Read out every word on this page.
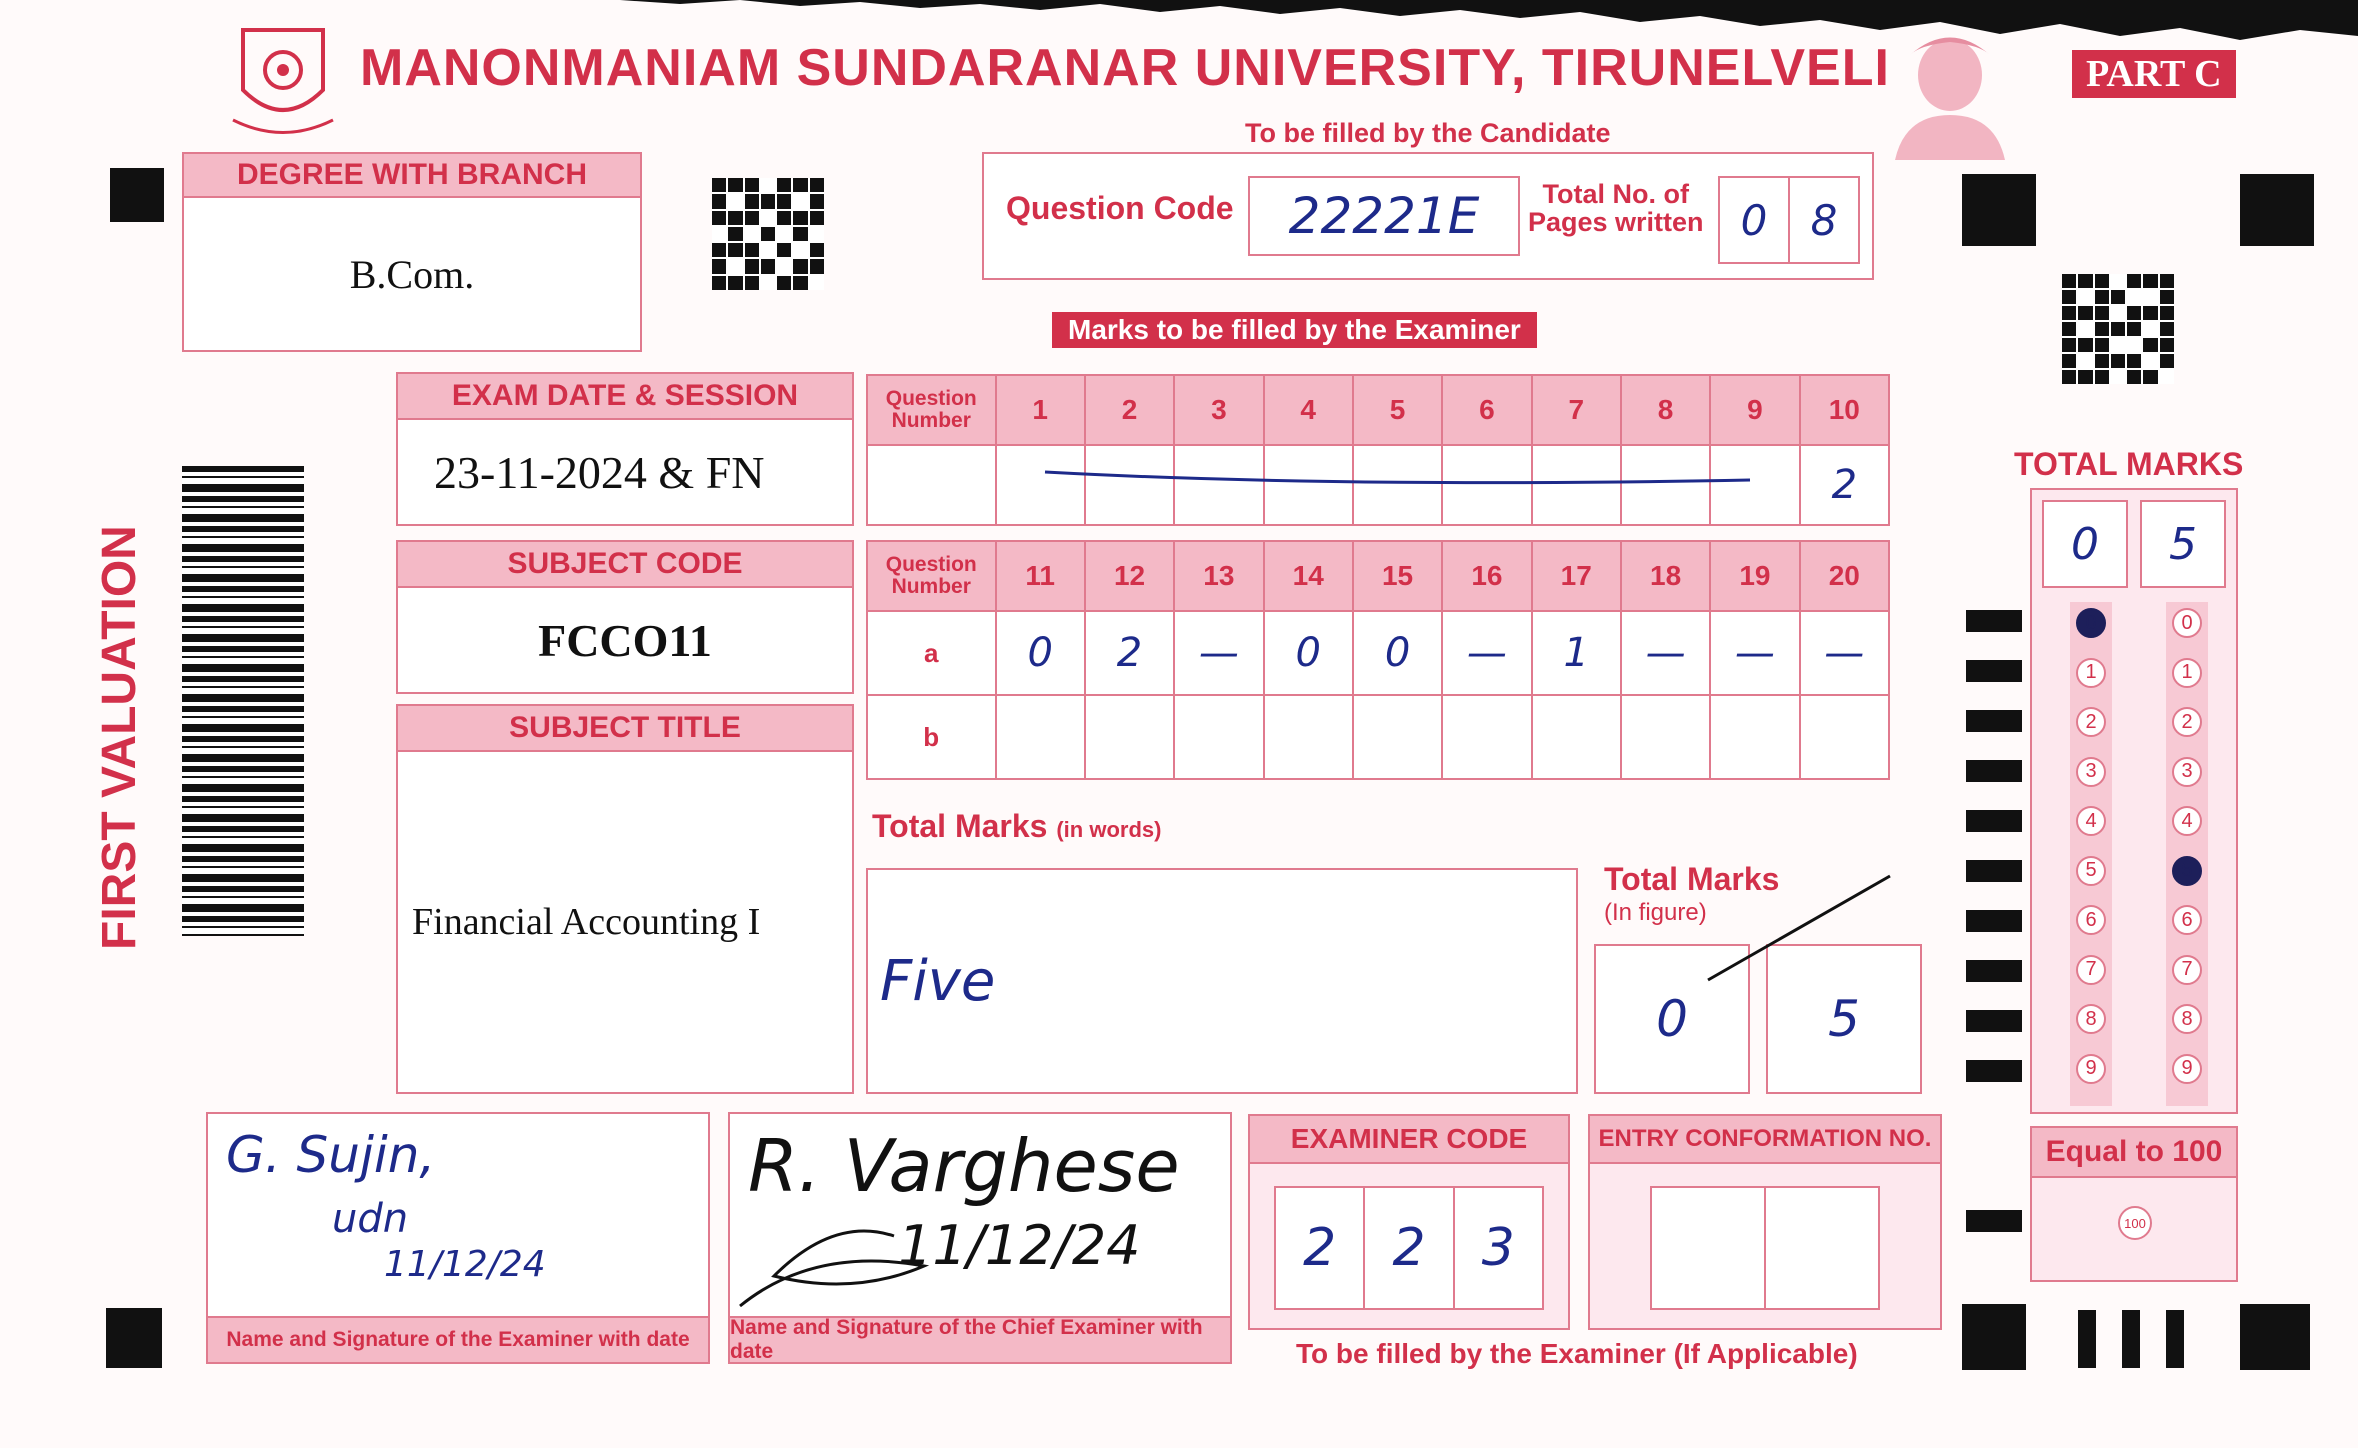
MANONMANIAM SUNDARANAR UNIVERSITY, TIRUNELVELI	PART C
To be filled by the Candidate
DEGREE WITH BRANCH
B.Com.
Question Code 22221E	Total No. of
Pages written 0	8
Marks to be filled by the Examiner
EXAM DATE & SESSION
23-11-2024 & FN
SUBJECT CODE
FCCO11
SUBJECT TITLE
Financial Accounting I
FIRST VALUATION
Question Number	1	2	3	4	5	6	7	8	9	10
										2
Question Number	11	12	13	14	15	16	17	18	19	20
a	0	2	—	0	0	—	1	—	—	—
b										
Total Marks (in words)
Five
Total Marks
(In figure)
0	5
TOTAL MARKS
0	5
0
1
2
3
4
5
6
7
8
9
0
1
2
3
4
5
6
7
8
9
Equal to 100
100
G. Sujin,
udn
11/12/24
Name and Signature of the Examiner with date
R. Varghese
11/12/24
Name and Signature of the Chief Examiner with date
EXAMINER CODE
2	2	3
ENTRY CONFORMATION NO.
To be filled by the Examiner (If Applicable)
